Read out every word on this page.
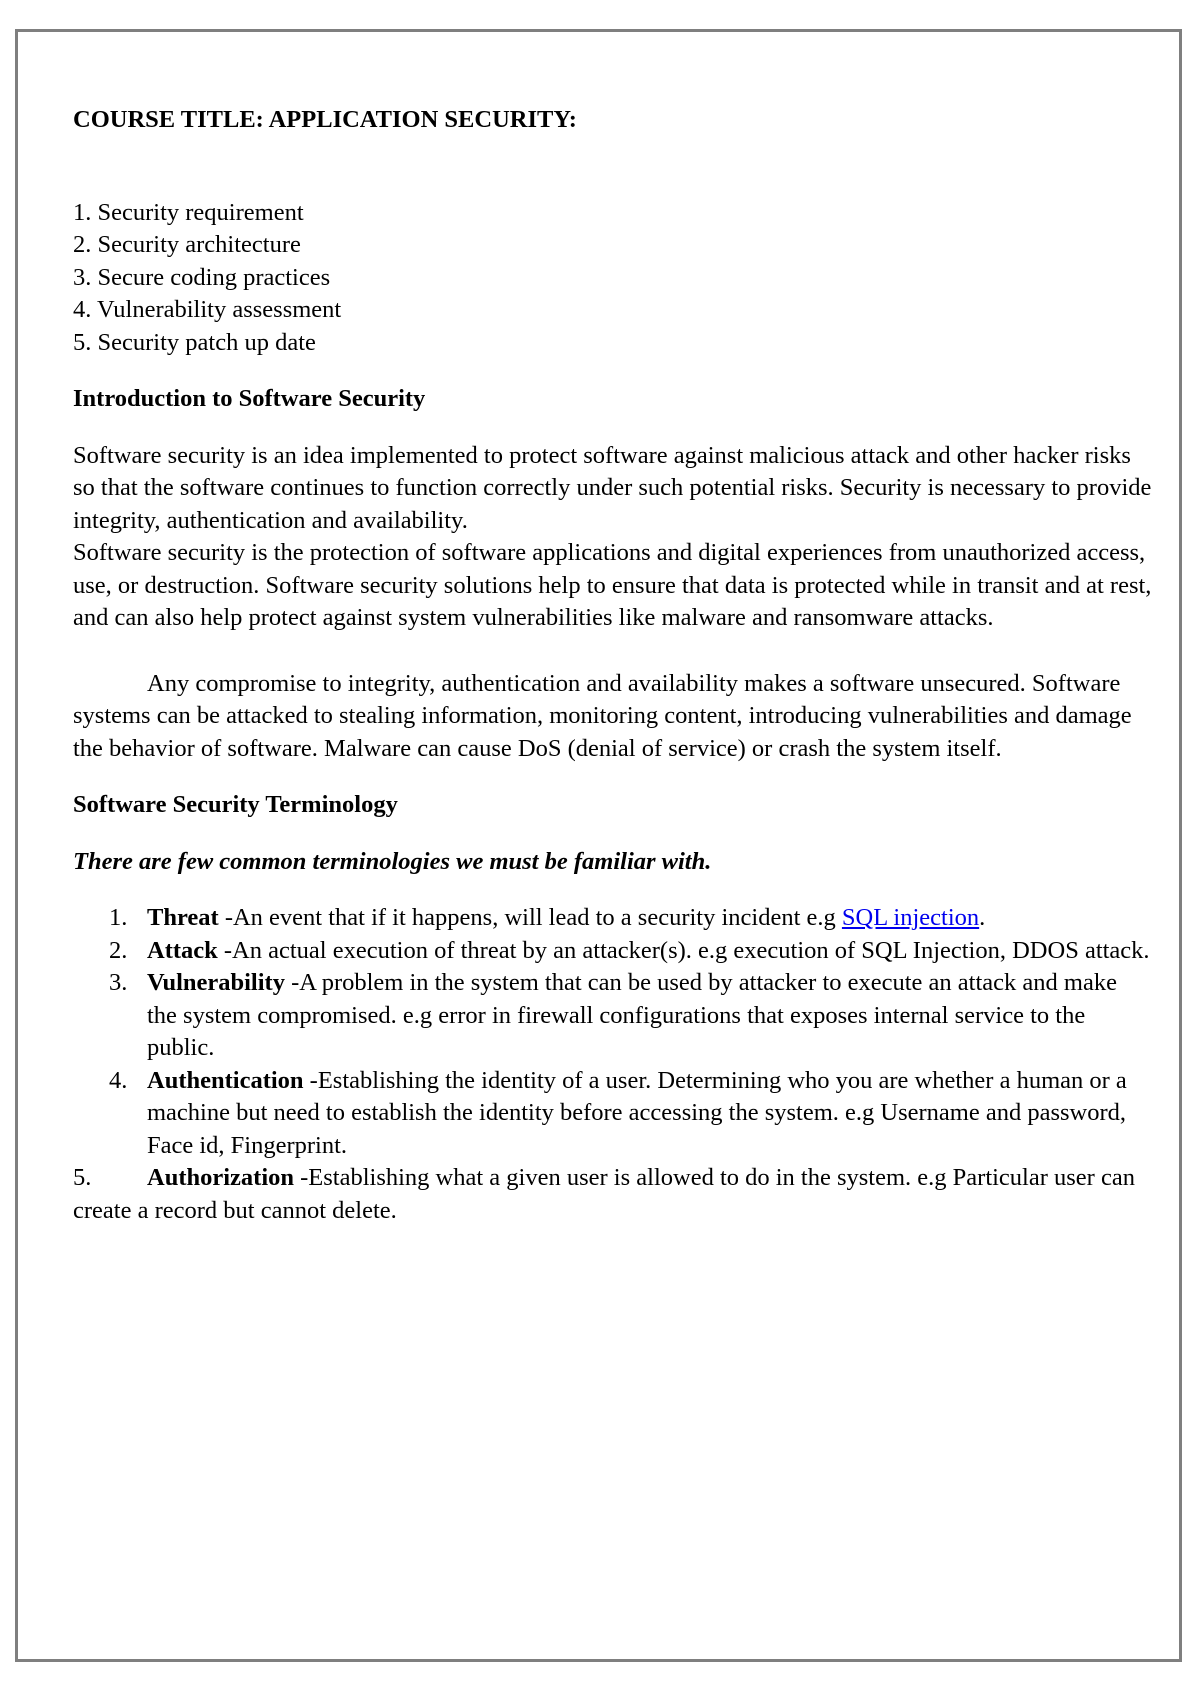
COURSE TITLE: APPLICATION SECURITY:

1. Security requirement
2. Security architecture
3. Secure coding practices
4. Vulnerability assessment
5. Security patch up date

Introduction to Software Security

Software security is an idea implemented to protect software against malicious attack and other hacker risks so that the software continues to function correctly under such potential risks. Security is necessary to provide integrity, authentication and availability.

Software security is the protection of software applications and digital experiences from unauthorized access, use, or destruction. Software security solutions help to ensure that data is protected while in transit and at rest, and can also help protect against system vulnerabilities like malware and ransomware attacks.

Any compromise to integrity, authentication and availability makes a software unsecured. Software systems can be attacked to stealing information, monitoring content, introducing vulnerabilities and damage the behavior of software. Malware can cause DoS (denial of service) or crash the system itself.

Software Security Terminology

There are few common terminologies we must be familiar with.

1. Threat -An event that if it happens, will lead to a security incident e.g SQL injection.
2. Attack -An actual execution of threat by an attacker(s). e.g execution of SQL Injection, DDOS attack.
3. Vulnerability -A problem in the system that can be used by attacker to execute an attack and make the system compromised. e.g error in firewall configurations that exposes internal service to the public.
4. Authentication -Establishing the identity of a user. Determining who you are whether a human or a machine but need to establish the identity before accessing the system. e.g Username and password, Face id, Fingerprint.

5. Authorization -Establishing what a given user is allowed to do in the system. e.g Particular user can create a record but cannot delete.
